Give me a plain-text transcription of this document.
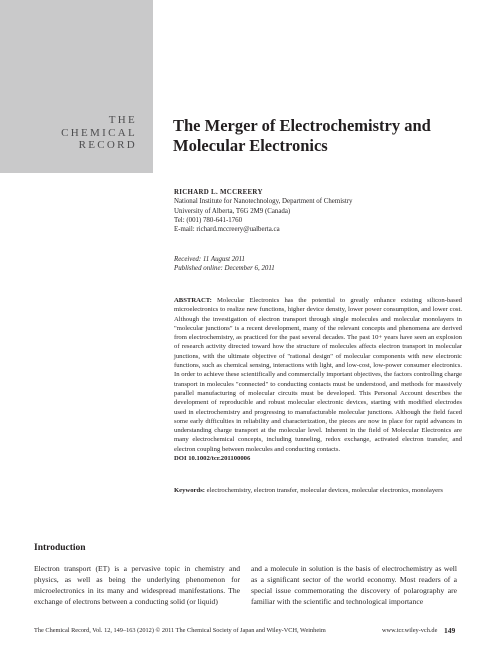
THE
CHEMICAL
RECORD
The Merger of Electrochemistry and
Molecular Electronics
RICHARD L. MCCREERY
National Institute for Nanotechnology, Department of Chemistry
University of Alberta, T6G 2M9 (Canada)
Tel: (001) 780-641-1760
E-mail: richard.mccreery@ualberta.ca
Received: 11 August 2011
Published online: December 6, 2011
ABSTRACT: Molecular Electronics has the potential to greatly enhance existing silicon-based microelectronics to realize new functions, higher device density, lower power consumption, and lower cost. Although the investigation of electron transport through single molecules and molecular monolayers in "molecular junctions" is a recent development, many of the relevant concepts and phenomena are derived from electrochemistry, as practiced for the past several decades. The past 10+ years have seen an explosion of research activity directed toward how the structure of molecules affects electron transport in molecular junctions, with the ultimate objective of "rational design" of molecular components with new electronic functions, such as chemical sensing, interactions with light, and low-cost, low-power consumer electronics. In order to achieve these scientifically and commercially important objectives, the factors controlling charge transport in molecules "connected" to conducting contacts must be understood, and methods for massively parallel manufacturing of molecular circuits must be developed. This Personal Account describes the development of reproducible and robust molecular electronic devices, starting with modified electrodes used in electrochemistry and progressing to manufacturable molecular junctions. Although the field faced some early difficulties in reliability and characterization, the pieces are now in place for rapid advances in understanding charge transport at the molecular level. Inherent in the field of Molecular Electronics are many electrochemical concepts, including tunneling, redox exchange, activated electron transfer, and electron coupling between molecules and conducting contacts.
DOI 10.1002/tcr.201100006
Keywords: electrochemistry, electron transfer, molecular devices, molecular electronics, monolayers
Introduction
Electron transport (ET) is a pervasive topic in chemistry and physics, as well as being the underlying phenomenon for microelectronics in its many and widespread manifestations. The exchange of electrons between a conducting solid (or liquid)
and a molecule in solution is the basis of electrochemistry as well as a significant sector of the world economy. Most readers of a special issue commemorating the discovery of polarography are familiar with the scientific and technological importance
The Chemical Record, Vol. 12, 149–163 (2012) © 2011 The Chemical Society of Japan and Wiley-VCH, Weinheim	www.tcr.wiley-vch.de 149
